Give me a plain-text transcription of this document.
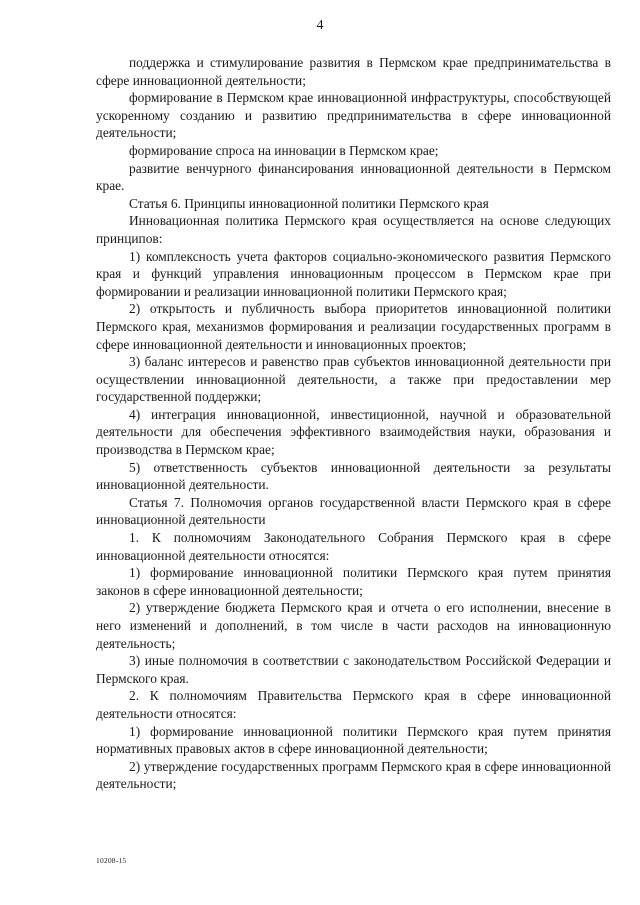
4

поддержка и стимулирование развития в Пермском крае предпринимательства в сфере инновационной деятельности;

формирование в Пермском крае инновационной инфраструктуры, способствующей ускоренному созданию и развитию предпринимательства в сфере инновационной деятельности;

формирование спроса на инновации в Пермском крае;

развитие венчурного финансирования инновационной деятельности в Пермском крае.

Статья 6. Принципы инновационной политики Пермского края

Инновационная политика Пермского края осуществляется на основе следующих принципов:

1) комплексность учета факторов социально-экономического развития Пермского края и функций управления инновационным процессом в Пермском крае при формировании и реализации инновационной политики Пермского края;

2) открытость и публичность выбора приоритетов инновационной политики Пермского края, механизмов формирования и реализации государственных программ в сфере инновационной деятельности и инновационных проектов;

3) баланс интересов и равенство прав субъектов инновационной деятельности при осуществлении инновационной деятельности, а также при предоставлении мер государственной поддержки;

4) интеграция инновационной, инвестиционной, научной и образовательной деятельности для обеспечения эффективного взаимодействия науки, образования и производства в Пермском крае;

5) ответственность субъектов инновационной деятельности за результаты инновационной деятельности.

Статья 7. Полномочия органов государственной власти Пермского края в сфере инновационной деятельности

1. К полномочиям Законодательного Собрания Пермского края в сфере инновационной деятельности относятся:

1) формирование инновационной политики Пермского края путем принятия законов в сфере инновационной деятельности;

2) утверждение бюджета Пермского края и отчета о его исполнении, внесение в него изменений и дополнений, в том числе в части расходов на инновационную деятельность;

3) иные полномочия в соответствии с законодательством Российской Федерации и Пермского края.

2. К полномочиям Правительства Пермского края в сфере инновационной деятельности относятся:

1) формирование инновационной политики Пермского края путем принятия нормативных правовых актов в сфере инновационной деятельности;

2) утверждение государственных программ Пермского края в сфере инновационной деятельности;

10208-15
